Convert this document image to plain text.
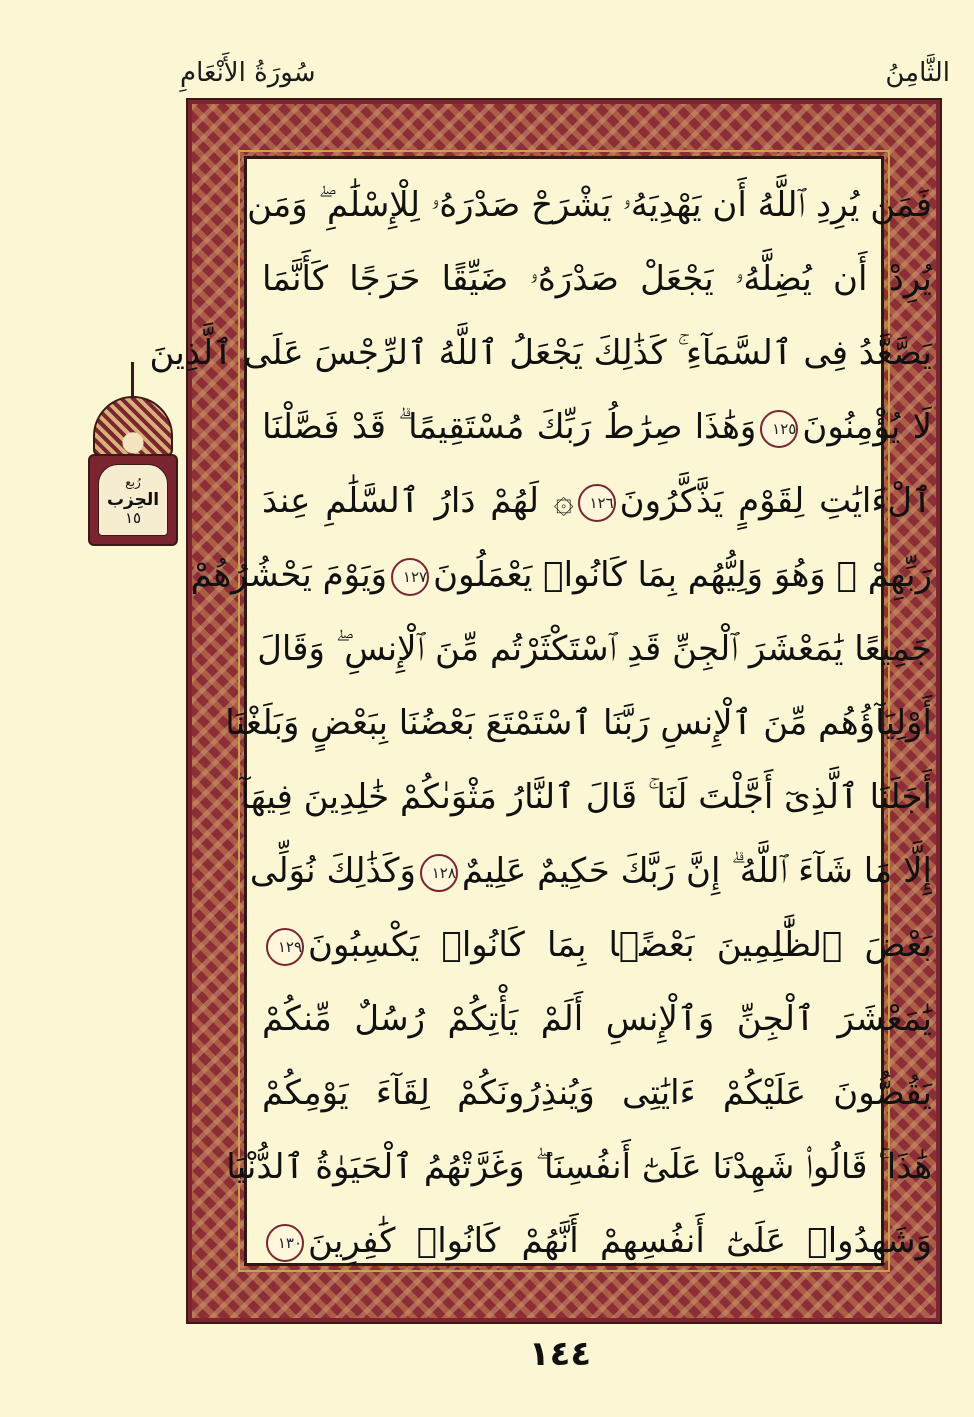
الثَّامِنُ
سُورَةُ الأَنْعَامِ
رُبع
الحِزب
١٥
فَمَن يُرِدِ ٱللَّهُ أَن يَهْدِيَهُۥ يَشْرَحْ صَدْرَهُۥ لِلْإِسْلَٰمِ ۖ وَمَن
يُرِدْ أَن يُضِلَّهُۥ يَجْعَلْ صَدْرَهُۥ ضَيِّقًا حَرَجًا كَأَنَّمَا
يَصَّعَّدُ فِى ٱلسَّمَآءِ ۚ كَذَٰلِكَ يَجْعَلُ ٱللَّهُ ٱلرِّجْسَ عَلَى ٱلَّذِينَ
لَا يُؤْمِنُونَ١٢٥وَهَٰذَا صِرَٰطُ رَبِّكَ مُسْتَقِيمًا ۗ قَدْ فَصَّلْنَا
ٱلْءَايَٰتِ لِقَوْمٍ يَذَّكَّرُونَ١٢٦۞ لَهُمْ دَارُ ٱلسَّلَٰمِ عِندَ
رَبِّهِمْ ۖ وَهُوَ وَلِيُّهُم بِمَا كَانُوا۟ يَعْمَلُونَ١٢٧وَيَوْمَ يَحْشُرُهُمْ
جَمِيعًا يَٰمَعْشَرَ ٱلْجِنِّ قَدِ ٱسْتَكْثَرْتُم مِّنَ ٱلْإِنسِ ۖ وَقَالَ
أَوْلِيَآؤُهُم مِّنَ ٱلْإِنسِ رَبَّنَا ٱسْتَمْتَعَ بَعْضُنَا بِبَعْضٍ وَبَلَغْنَا
أَجَلَنَا ٱلَّذِىٓ أَجَّلْتَ لَنَا ۚ قَالَ ٱلنَّارُ مَثْوَىٰكُمْ خَٰلِدِينَ فِيهَآ
إِلَّا مَا شَآءَ ٱللَّهُ ۗ إِنَّ رَبَّكَ حَكِيمٌ عَلِيمٌ١٢٨وَكَذَٰلِكَ نُوَلِّى
بَعْضَ ٱلظَّٰلِمِينَ بَعْضًۢا بِمَا كَانُوا۟ يَكْسِبُونَ١٢٩
يَٰمَعْشَرَ ٱلْجِنِّ وَٱلْإِنسِ أَلَمْ يَأْتِكُمْ رُسُلٌ مِّنكُمْ
يَقُصُّونَ عَلَيْكُمْ ءَايَٰتِى وَيُنذِرُونَكُمْ لِقَآءَ يَوْمِكُمْ
هَٰذَا ۚ قَالُوا۟ شَهِدْنَا عَلَىٰٓ أَنفُسِنَا ۖ وَغَرَّتْهُمُ ٱلْحَيَوٰةُ ٱلدُّنْيَا
وَشَهِدُوا۟ عَلَىٰٓ أَنفُسِهِمْ أَنَّهُمْ كَانُوا۟ كَٰفِرِينَ١٣٠
١٤٤
